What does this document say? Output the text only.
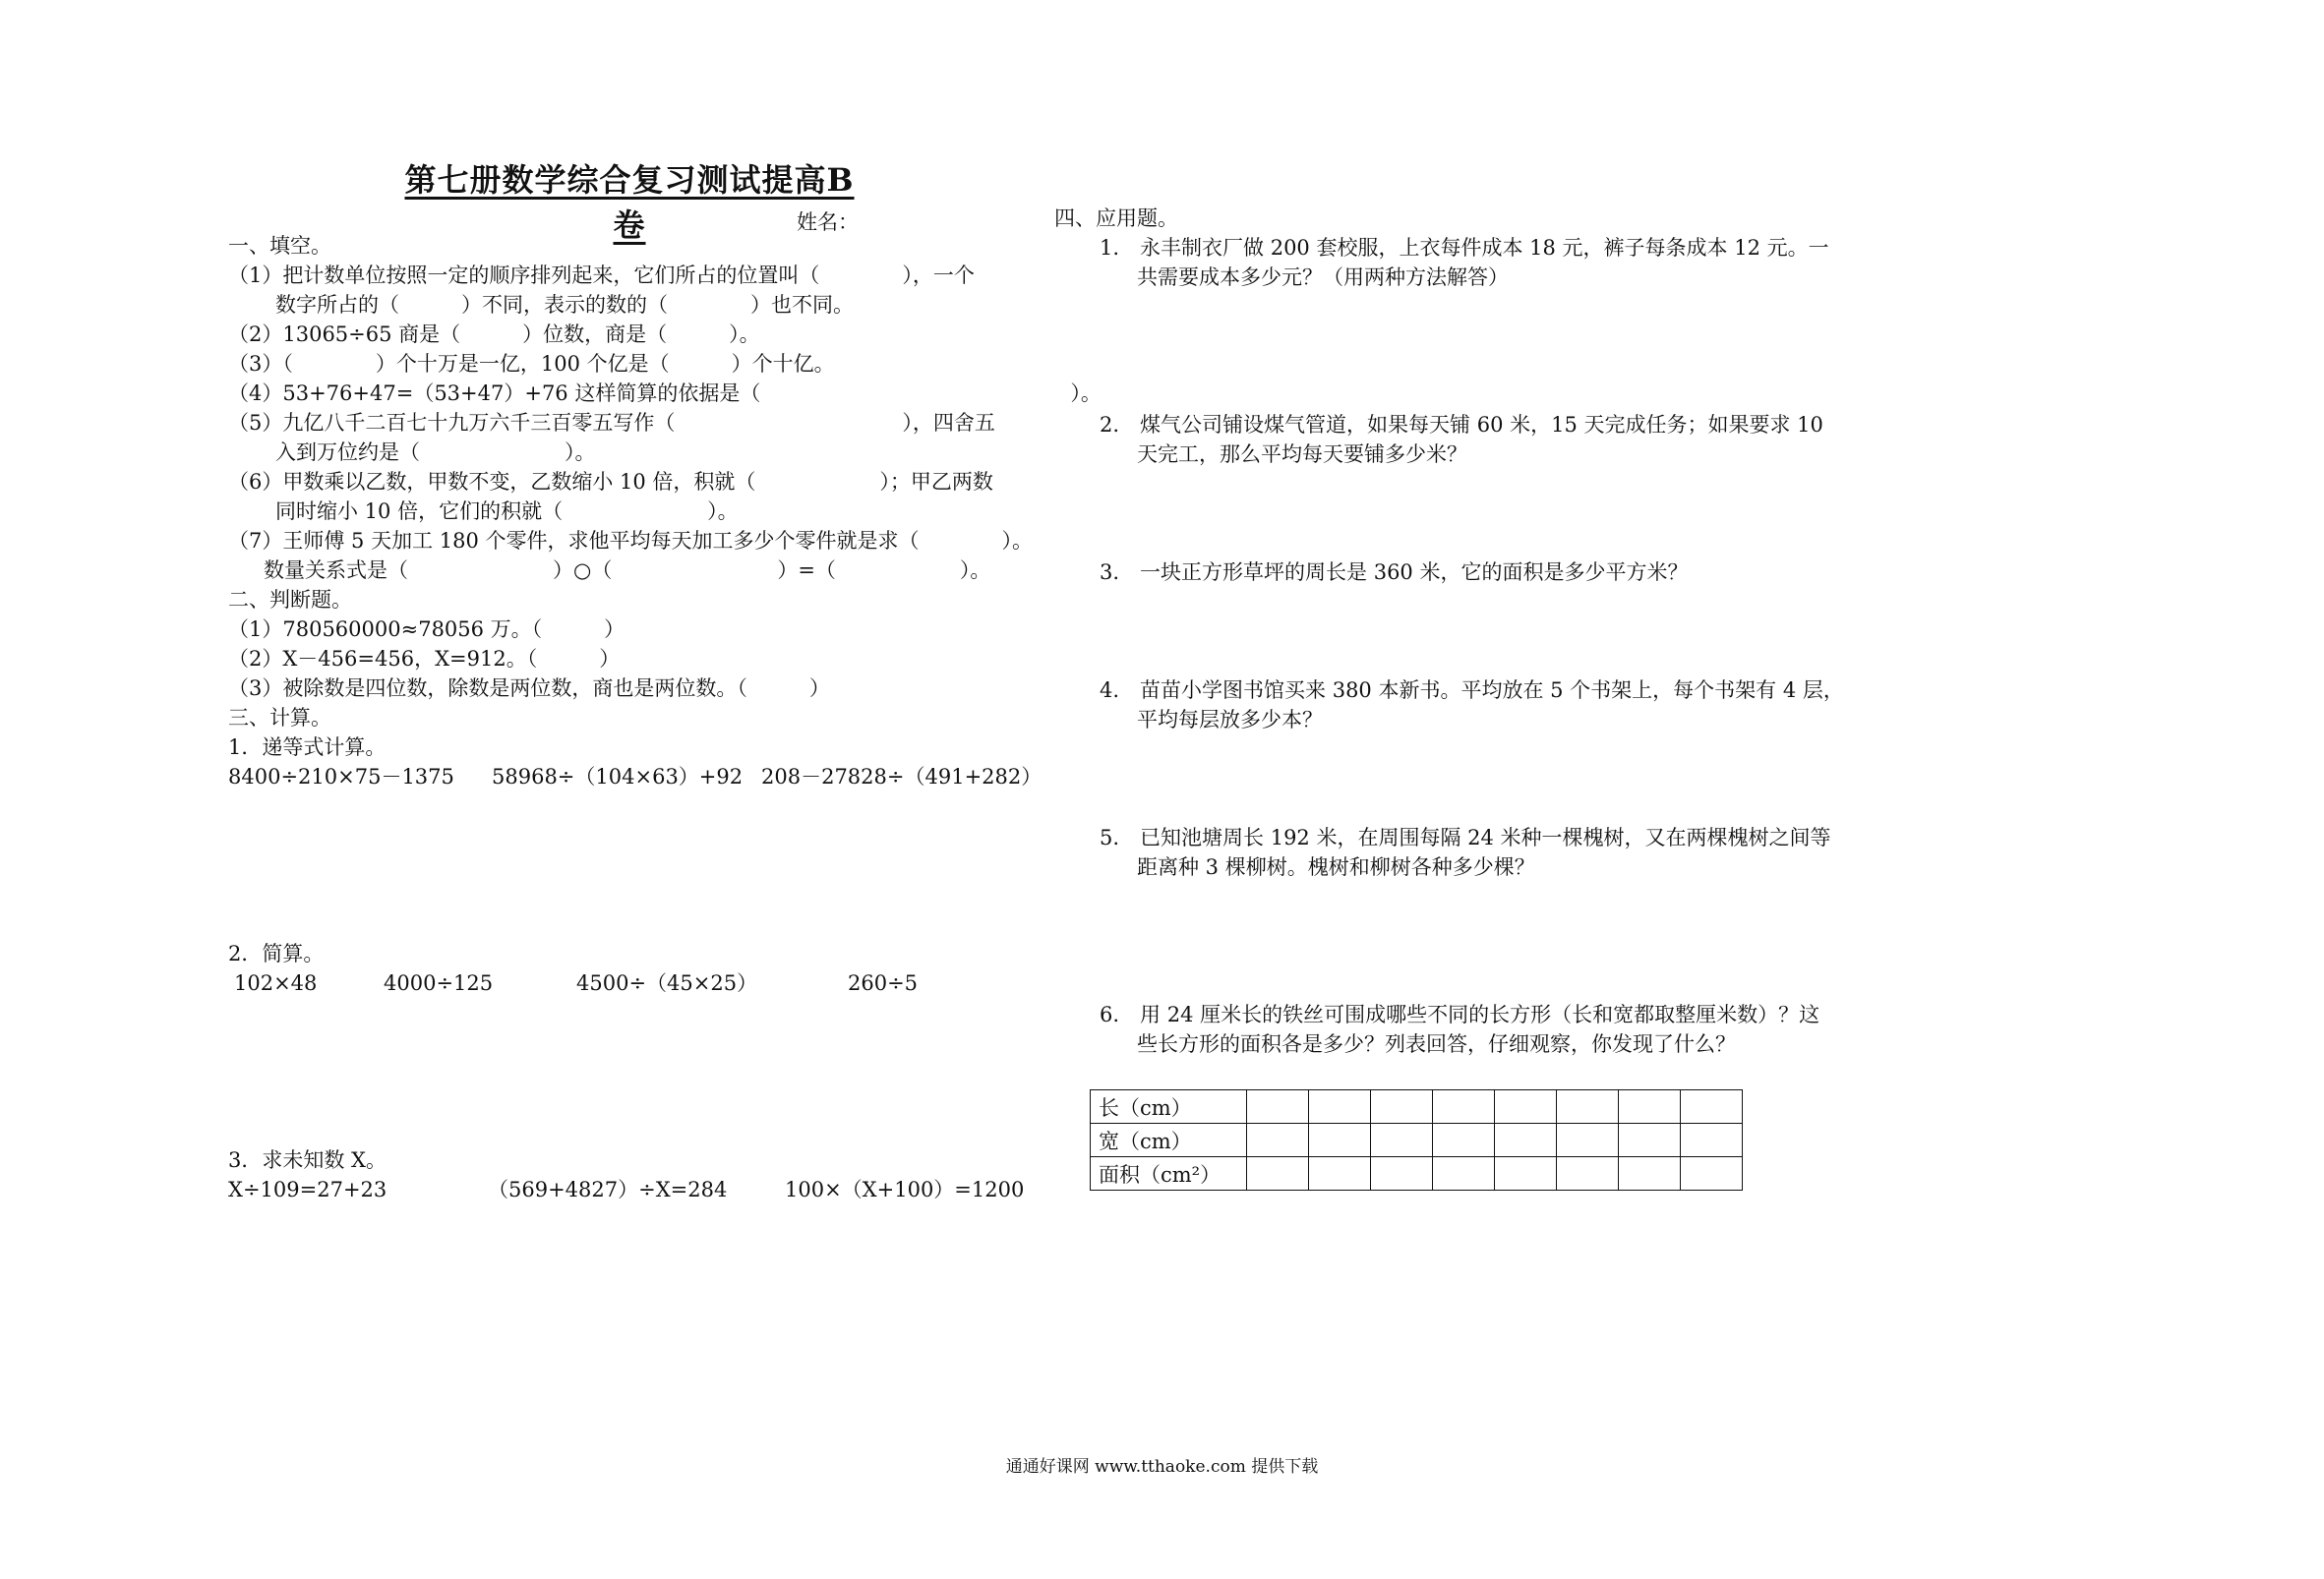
第七册数学综合复习测试提高B卷	姓名：
一、填空。
（1）把计数单位按照一定的顺序排列起来，它们所占的位置叫（　　　　），一个
数字所占的（　　　）不同，表示的数的（　　　　）也不同。
（2）13065÷65 商是（　　　）位数，商是（　　　）。
（3）（　　　　）个十万是一亿，100 个亿是（　　　）个十亿。
（4）53+76+47=（53+47）+76 这样简算的依据是（　　　　　　　　　　　　　　　）。
（5）九亿八千二百七十九万六千三百零五写作（　　　　　　　　　　　），四舍五
入到万位约是（　　　　　　　）。
（6）甲数乘以乙数，甲数不变，乙数缩小 10 倍，积就（　　　　　　）；甲乙两数
同时缩小 10 倍，它们的积就（　　　　　　　）。
（7）王师傅 5 天加工 180 个零件，求他平均每天加工多少个零件就是求（　　　　）。
数量关系式是（　　　　　　　）○（　　　　　　　　）=（　　　　　　）。
二、判断题。
（1）780560000≈78056 万。（　　　）
（2）X－456=456，X=912。（　　　）
（3）被除数是四位数，除数是两位数，商也是两位数。（　　　）
三、计算。
1．递等式计算。
8400÷210×75－1375 58968÷（104×63）+92 208－27828÷（491+282）
2．简算。
102×48	4000÷125	4500÷（45×25）	260÷5
3．求未知数 X。
X÷109=27+23	（569+4827）÷X=284	100×（X+100）=1200
四、应用题。
1.　永丰制衣厂做 200 套校服，上衣每件成本 18 元，裤子每条成本 12 元。一
共需要成本多少元？（用两种方法解答）
2.　煤气公司铺设煤气管道，如果每天铺 60 米，15 天完成任务；如果要求 10
天完工，那么平均每天要铺多少米？
3.　一块正方形草坪的周长是 360 米，它的面积是多少平方米？
4.　苗苗小学图书馆买来 380 本新书。平均放在 5 个书架上，每个书架有 4 层，
平均每层放多少本？
5.　已知池塘周长 192 米，在周围每隔 24 米种一棵槐树，又在两棵槐树之间等
距离种 3 棵柳树。槐树和柳树各种多少棵？
6.　用 24 厘米长的铁丝可围成哪些不同的长方形（长和宽都取整厘米数）？这
些长方形的面积各是多少？列表回答，仔细观察，你发现了什么？
长（cm）								
宽（cm）								
面积（cm²）								
通通好课网 www.tthaoke.com 提供下载
